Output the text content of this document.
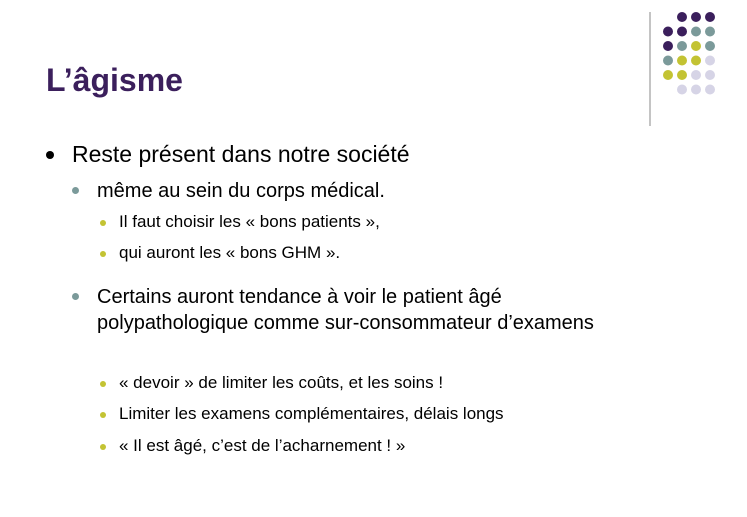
L’âgisme
Reste présent dans notre société
même au sein du corps médical.
Il faut choisir les « bons patients »,
qui auront les « bons GHM ».
Certains auront tendance à voir le patient âgé polypathologique comme sur-consommateur d’examens
« devoir » de limiter les coûts, et les soins !
Limiter les examens complémentaires, délais longs
« Il est âgé, c’est de l’acharnement ! »
